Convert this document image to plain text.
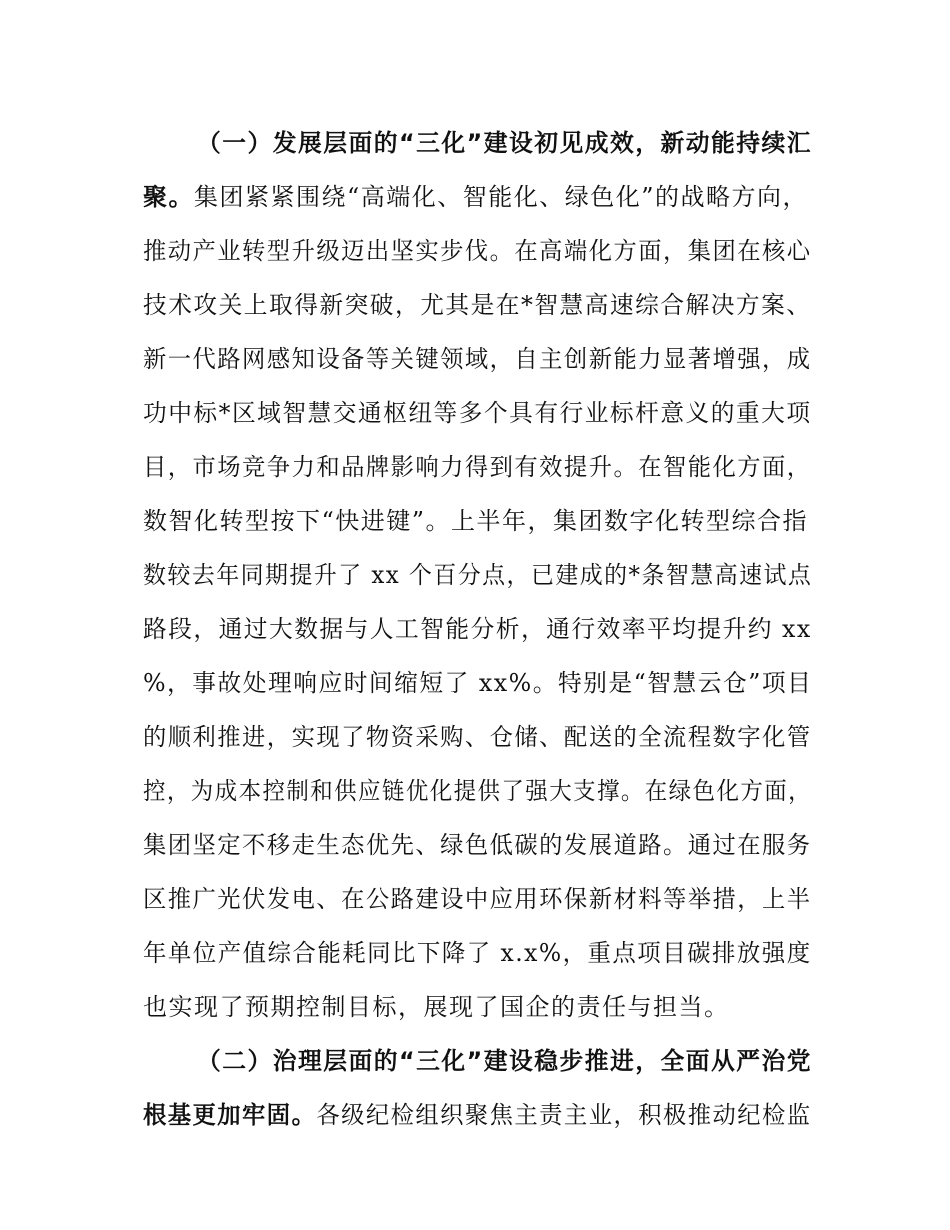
（一）发展层面的“三化”建设初见成效，新动能持续汇
聚。集团紧紧围绕“高端化、智能化、绿色化”的战略方向，
推动产业转型升级迈出坚实步伐。在高端化方面，集团在核心
技术攻关上取得新突破，尤其是在*智慧高速综合解决方案、
新一代路网感知设备等关键领域，自主创新能力显著增强，成
功中标*区域智慧交通枢纽等多个具有行业标杆意义的重大项
目，市场竞争力和品牌影响力得到有效提升。在智能化方面，
数智化转型按下“快进键”。上半年，集团数字化转型综合指
数较去年同期提升了 xx 个百分点，已建成的*条智慧高速试点
路段，通过大数据与人工智能分析，通行效率平均提升约 xx
%，事故处理响应时间缩短了 xx%。特别是“智慧云仓”项目
的顺利推进，实现了物资采购、仓储、配送的全流程数字化管
控，为成本控制和供应链优化提供了强大支撑。在绿色化方面，
集团坚定不移走生态优先、绿色低碳的发展道路。通过在服务
区推广光伏发电、在公路建设中应用环保新材料等举措，上半
年单位产值综合能耗同比下降了 x.x%，重点项目碳排放强度
也实现了预期控制目标，展现了国企的责任与担当。
（二）治理层面的“三化”建设稳步推进，全面从严治党
根基更加牢固。各级纪检组织聚焦主责主业，积极推动纪检监
